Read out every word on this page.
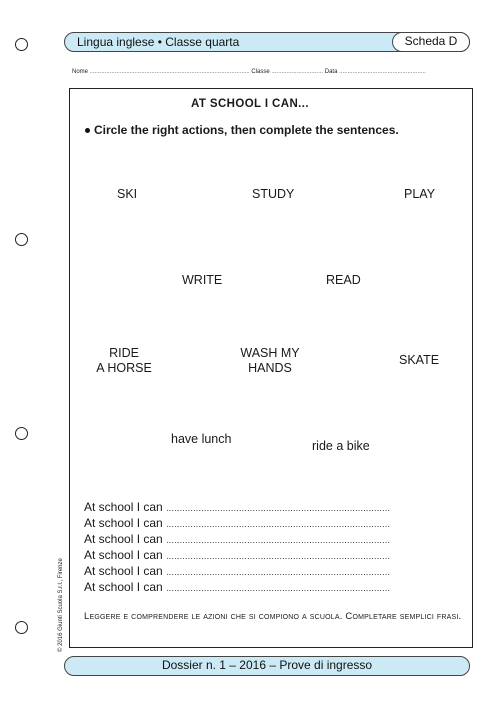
Lingua inglese • Classe quarta	Scheda D
Nome ................................................................................................ Classe ............................... Data ....................................................
AT SCHOOL I CAN...
Circle the right actions, then complete the sentences.
SKI	STUDY	PLAY
WRITE	READ
RIDE
A HORSE
WASH MY
HANDS
SKATE
have lunch	ride a bike
At school I can ...................................................................................
At school I can ...................................................................................
At school I can ...................................................................................
At school I can ...................................................................................
At school I can ...................................................................................
At school I can ...................................................................................
Leggere e comprendere le azioni che si compiono a scuola. Completare semplici frasi.
© 2016 Giunti Scuola S.r.l., Firenze
Dossier n. 1 – 2016 – Prove di ingresso
